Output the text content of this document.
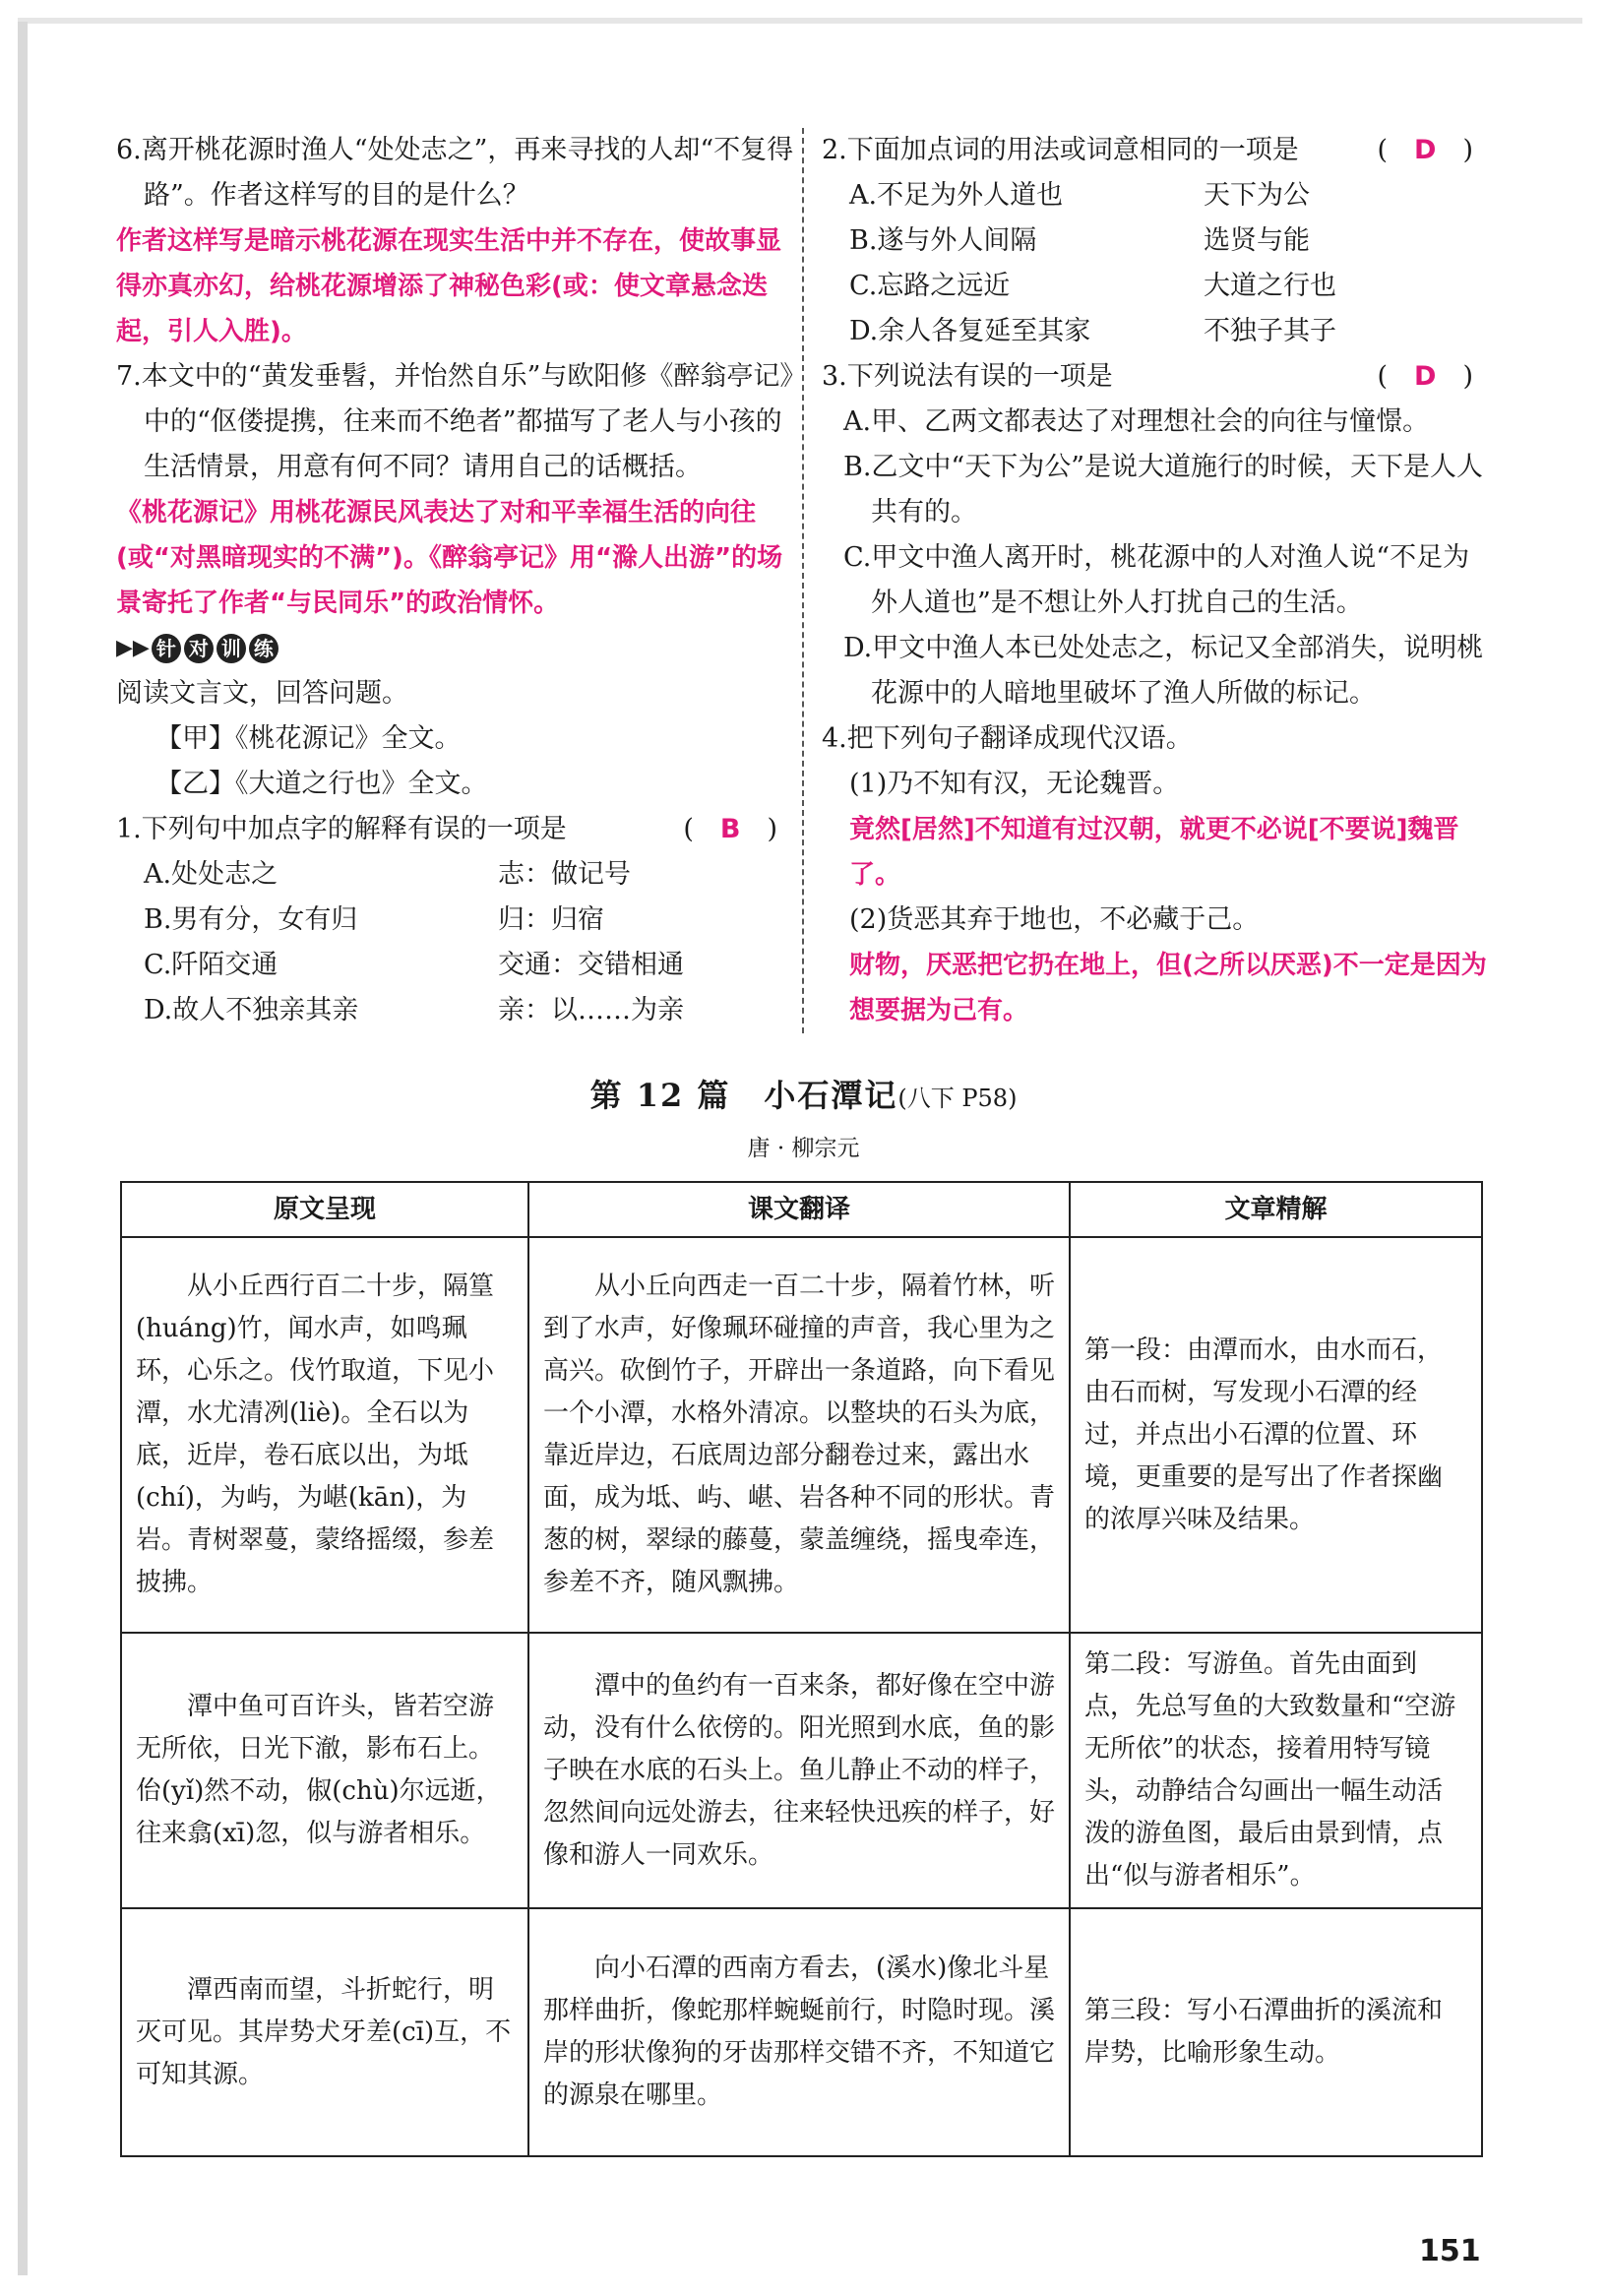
6.离开桃花源时渔人“处处志之”，再来寻找的人却“不复得路”。作者这样写的目的是什么？

作者这样写是暗示桃花源在现实生活中并不存在，使故事显得亦真亦幻，给桃花源增添了神秘色彩(或：使文章悬念迭起，引人入胜)。

7.本文中的“黄发垂髫，并怡然自乐”与欧阳修《醉翁亭记》中的“伛偻提携，往来而不绝者”都描写了老人与小孩的生活情景，用意有何不同？请用自己的话概括。

《桃花源记》用桃花源民风表达了对和平幸福生活的向往(或“对黑暗现实的不满”)。《醉翁亭记》用“滁人出游”的场景寄托了作者“与民同乐”的政治情怀。

▶▶ 针 对 训 练

阅读文言文，回答问题。

【甲】《桃花源记》全文。

【乙】《大道之行也》全文。

1.下列句中加点字的解释有误的一项是	(　B　)
A.处处志之	志：做记号
B.男有分，女有归	归：归宿
C.阡陌交通	交通：交错相通
D.故人不独亲其亲	亲：以……为亲
2.下面加点词的用法或词意相同的一项是	(　D　)
A.不足为外人道也	天下为公
B.遂与外人间隔	选贤与能
C.忘路之远近	大道之行也
D.余人各复延至其家	不独子其子
3.下列说法有误的一项是	(　D　)

A.甲、乙两文都表达了对理想社会的向往与憧憬。

B.乙文中“天下为公”是说大道施行的时候，天下是人人共有的。

C.甲文中渔人离开时，桃花源中的人对渔人说“不足为外人道也”是不想让外人打扰自己的生活。

D.甲文中渔人本已处处志之，标记又全部消失，说明桃花源中的人暗地里破坏了渔人所做的标记。

4.把下列句子翻译成现代汉语。

(1)乃不知有汉，无论魏晋。

竟然[居然]不知道有过汉朝，就更不必说[不要说]魏晋了。

(2)货恶其弃于地也，不必藏于己。

财物，厌恶把它扔在地上，但(之所以厌恶)不一定是因为想要据为己有。

第 12 篇　小石潭记(八下 P58)
唐 · 柳宗元
原文呈现	课文翻译	文章精解
从小丘西行百二十步，隔篁(huáng)竹，闻水声，如鸣珮环，心乐之。伐竹取道，下见小潭，水尤清冽(liè)。全石以为底，近岸，卷石底以出，为坻(chí)，为屿，为嵁(kān)，为岩。青树翠蔓，蒙络摇缀，参差披拂。	从小丘向西走一百二十步，隔着竹林，听到了水声，好像珮环碰撞的声音，我心里为之高兴。砍倒竹子，开辟出一条道路，向下看见一个小潭，水格外清凉。以整块的石头为底，靠近岸边，石底周边部分翻卷过来，露出水面，成为坻、屿、嵁、岩各种不同的形状。青葱的树，翠绿的藤蔓，蒙盖缠绕，摇曳牵连，参差不齐，随风飘拂。	第一段：由潭而水，由水而石，由石而树，写发现小石潭的经过，并点出小石潭的位置、环境，更重要的是写出了作者探幽的浓厚兴味及结果。
潭中鱼可百许头，皆若空游无所依，日光下澈，影布石上。佁(yǐ)然不动，俶(chù)尔远逝，往来翕(xī)忽，似与游者相乐。	潭中的鱼约有一百来条，都好像在空中游动，没有什么依傍的。阳光照到水底，鱼的影子映在水底的石头上。鱼儿静止不动的样子，忽然间向远处游去，往来轻快迅疾的样子，好像和游人一同欢乐。	第二段：写游鱼。首先由面到点，先总写鱼的大致数量和“空游无所依”的状态，接着用特写镜头，动静结合勾画出一幅生动活泼的游鱼图，最后由景到情，点出“似与游者相乐”。
潭西南而望，斗折蛇行，明灭可见。其岸势犬牙差(cī)互，不可知其源。	向小石潭的西南方看去，(溪水)像北斗星那样曲折，像蛇那样蜿蜒前行，时隐时现。溪岸的形状像狗的牙齿那样交错不齐，不知道它的源泉在哪里。	第三段：写小石潭曲折的溪流和岸势，比喻形象生动。
151
